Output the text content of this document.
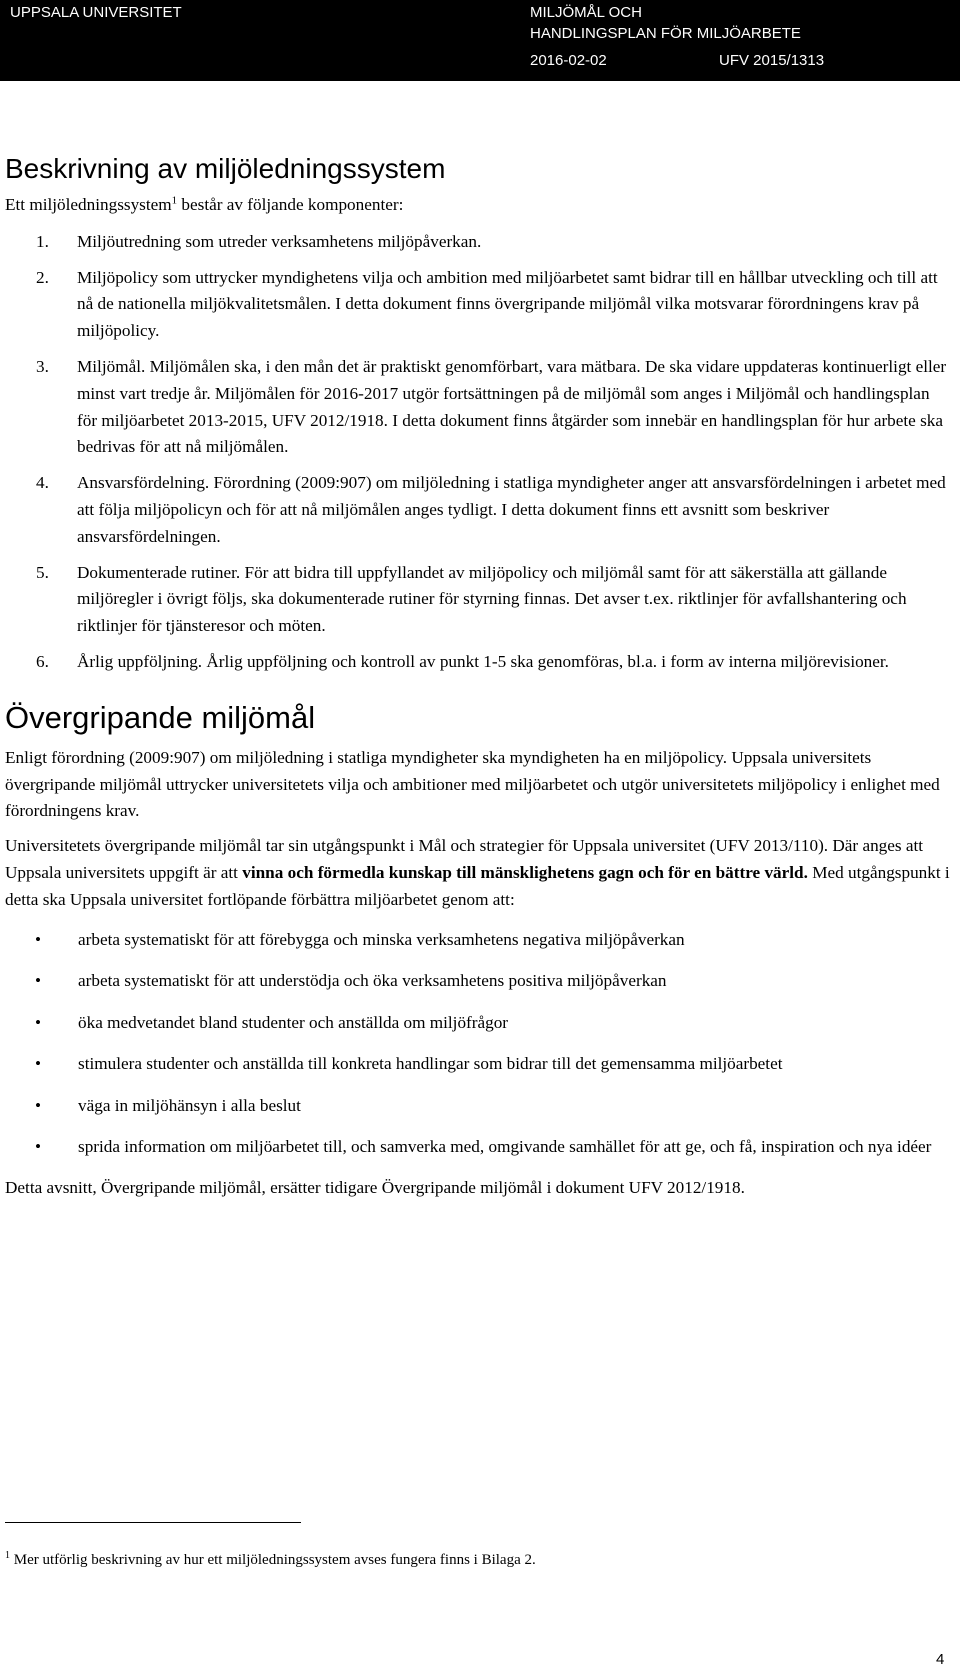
UPPSALA UNIVERSITET	MILJÖMÅL OCH
HANDLINGSPLAN FÖR MILJÖARBETE
2016-02-02	UFV 2015/1313
Beskrivning av miljöledningssystem

Ett miljöledningssystem$^1$ består av följande komponenter:

1. Miljöutredning som utreder verksamhetens miljöpåverkan.
2. Miljöpolicy som uttrycker myndighetens vilja och ambition med miljöarbetet samt bidrar till en hållbar utveckling och till att nå de nationella miljökvalitetsmålen. I detta dokument finns övergripande miljömål vilka motsvarar förordningens krav på miljöpolicy.
3. Miljömål. Miljömålen ska, i den mån det är praktiskt genomförbart, vara mätbara. De ska vidare uppdateras kontinuerligt eller minst vart tredje år. Miljömålen för 2016-2017 utgör fortsättningen på de miljömål som anges i Miljömål och handlingsplan för miljöarbetet 2013-2015, UFV 2012/1918. I detta dokument finns åtgärder som innebär en handlingsplan för hur arbete ska bedrivas för att nå miljömålen.
4. Ansvarsfördelning. Förordning (2009:907) om miljöledning i statliga myndigheter anger att ansvarsfördelningen i arbetet med att följa miljöpolicyn och för att nå miljömålen anges tydligt. I detta dokument finns ett avsnitt som beskriver ansvarsfördelningen.
5. Dokumenterade rutiner. För att bidra till uppfyllandet av miljöpolicy och miljömål samt för att säkerställa att gällande miljöregler i övrigt följs, ska dokumenterade rutiner för styrning finnas. Det avser t.ex. riktlinjer för avfallshantering och riktlinjer för tjänsteresor och möten.
6. Årlig uppföljning. Årlig uppföljning och kontroll av punkt 1-5 ska genomföras, bl.a. i form av interna miljörevisioner.
Övergripande miljömål

Enligt förordning (2009:907) om miljöledning i statliga myndigheter ska myndigheten ha en miljöpolicy. Uppsala universitets övergripande miljömål uttrycker universitetets vilja och ambitioner med miljöarbetet och utgör universitetets miljöpolicy i enlighet med förordningens krav.

Universitetets övergripande miljömål tar sin utgångspunkt i Mål och strategier för Uppsala universitet (UFV 2013/110). Där anges att Uppsala universitets uppgift är att vinna och förmedla kunskap till mänsklighetens gagn och för en bättre värld. Med utgångspunkt i detta ska Uppsala universitet fortlöpande förbättra miljöarbetet genom att:

• arbeta systematiskt för att förebygga och minska verksamhetens negativa miljöpåverkan
• arbeta systematiskt för att understödja och öka verksamhetens positiva miljöpåverkan
• öka medvetandet bland studenter och anställda om miljöfrågor
• stimulera studenter och anställda till konkreta handlingar som bidrar till det gemensamma miljöarbetet
• väga in miljöhänsyn i alla beslut
• sprida information om miljöarbetet till, och samverka med, omgivande samhället för att ge, och få, inspiration och nya idéer

Detta avsnitt, Övergripande miljömål, ersätter tidigare Övergripande miljömål i dokument UFV 2012/1918.

$^1$ Mer utförlig beskrivning av hur ett miljöledningssystem avses fungera finns i Bilaga 2.
4
